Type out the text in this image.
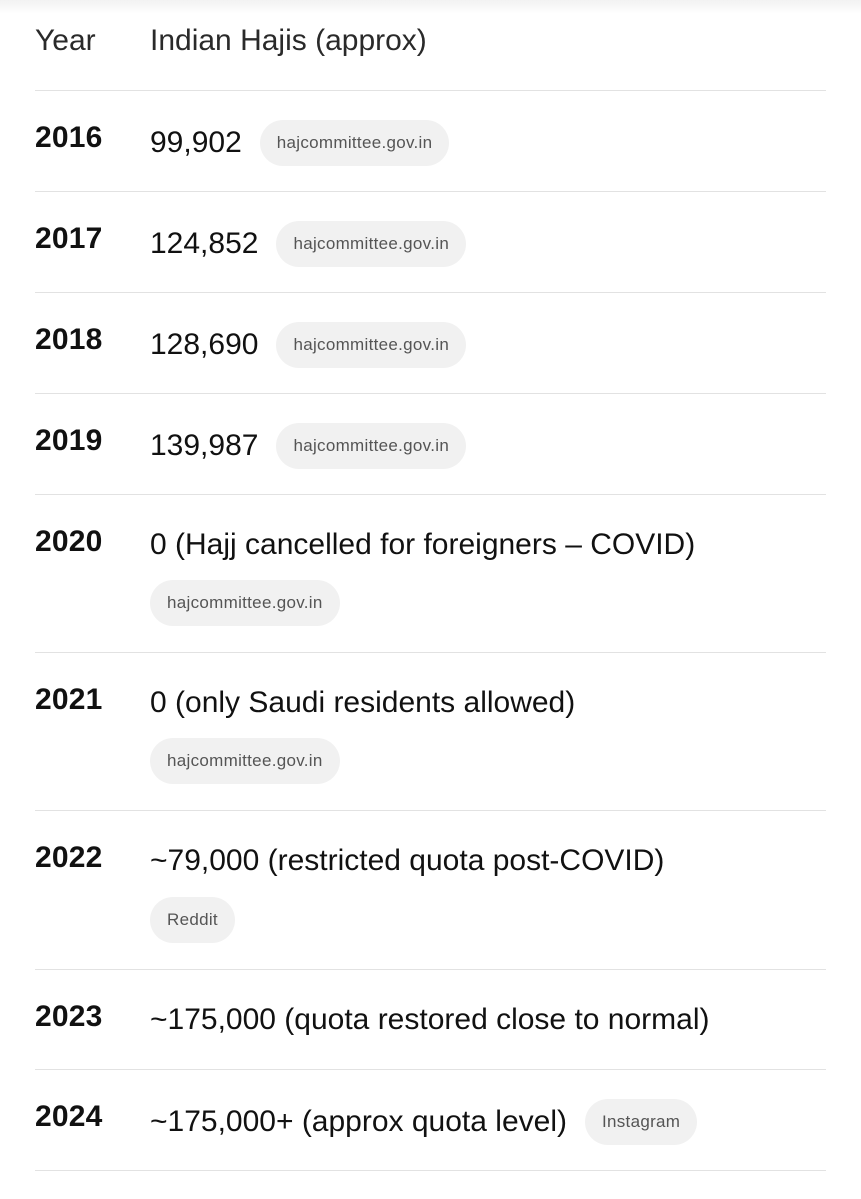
Year Indian Hajis (approx)
2016 99,902	hajcommittee.gov.in
2017 124,852	hajcommittee.gov.in
2018 128,690	hajcommittee.gov.in
2019 139,987	hajcommittee.gov.in
2020 0 (Hajj cancelled for foreigners – COVID)
hajcommittee.gov.in
2021 0 (only Saudi residents allowed)
hajcommittee.gov.in
2022 ~79,000 (restricted quota post-COVID)
Reddit
2023 ~175,000 (quota restored close to normal)
2024 ~175,000+ (approx quota level)	Instagram
